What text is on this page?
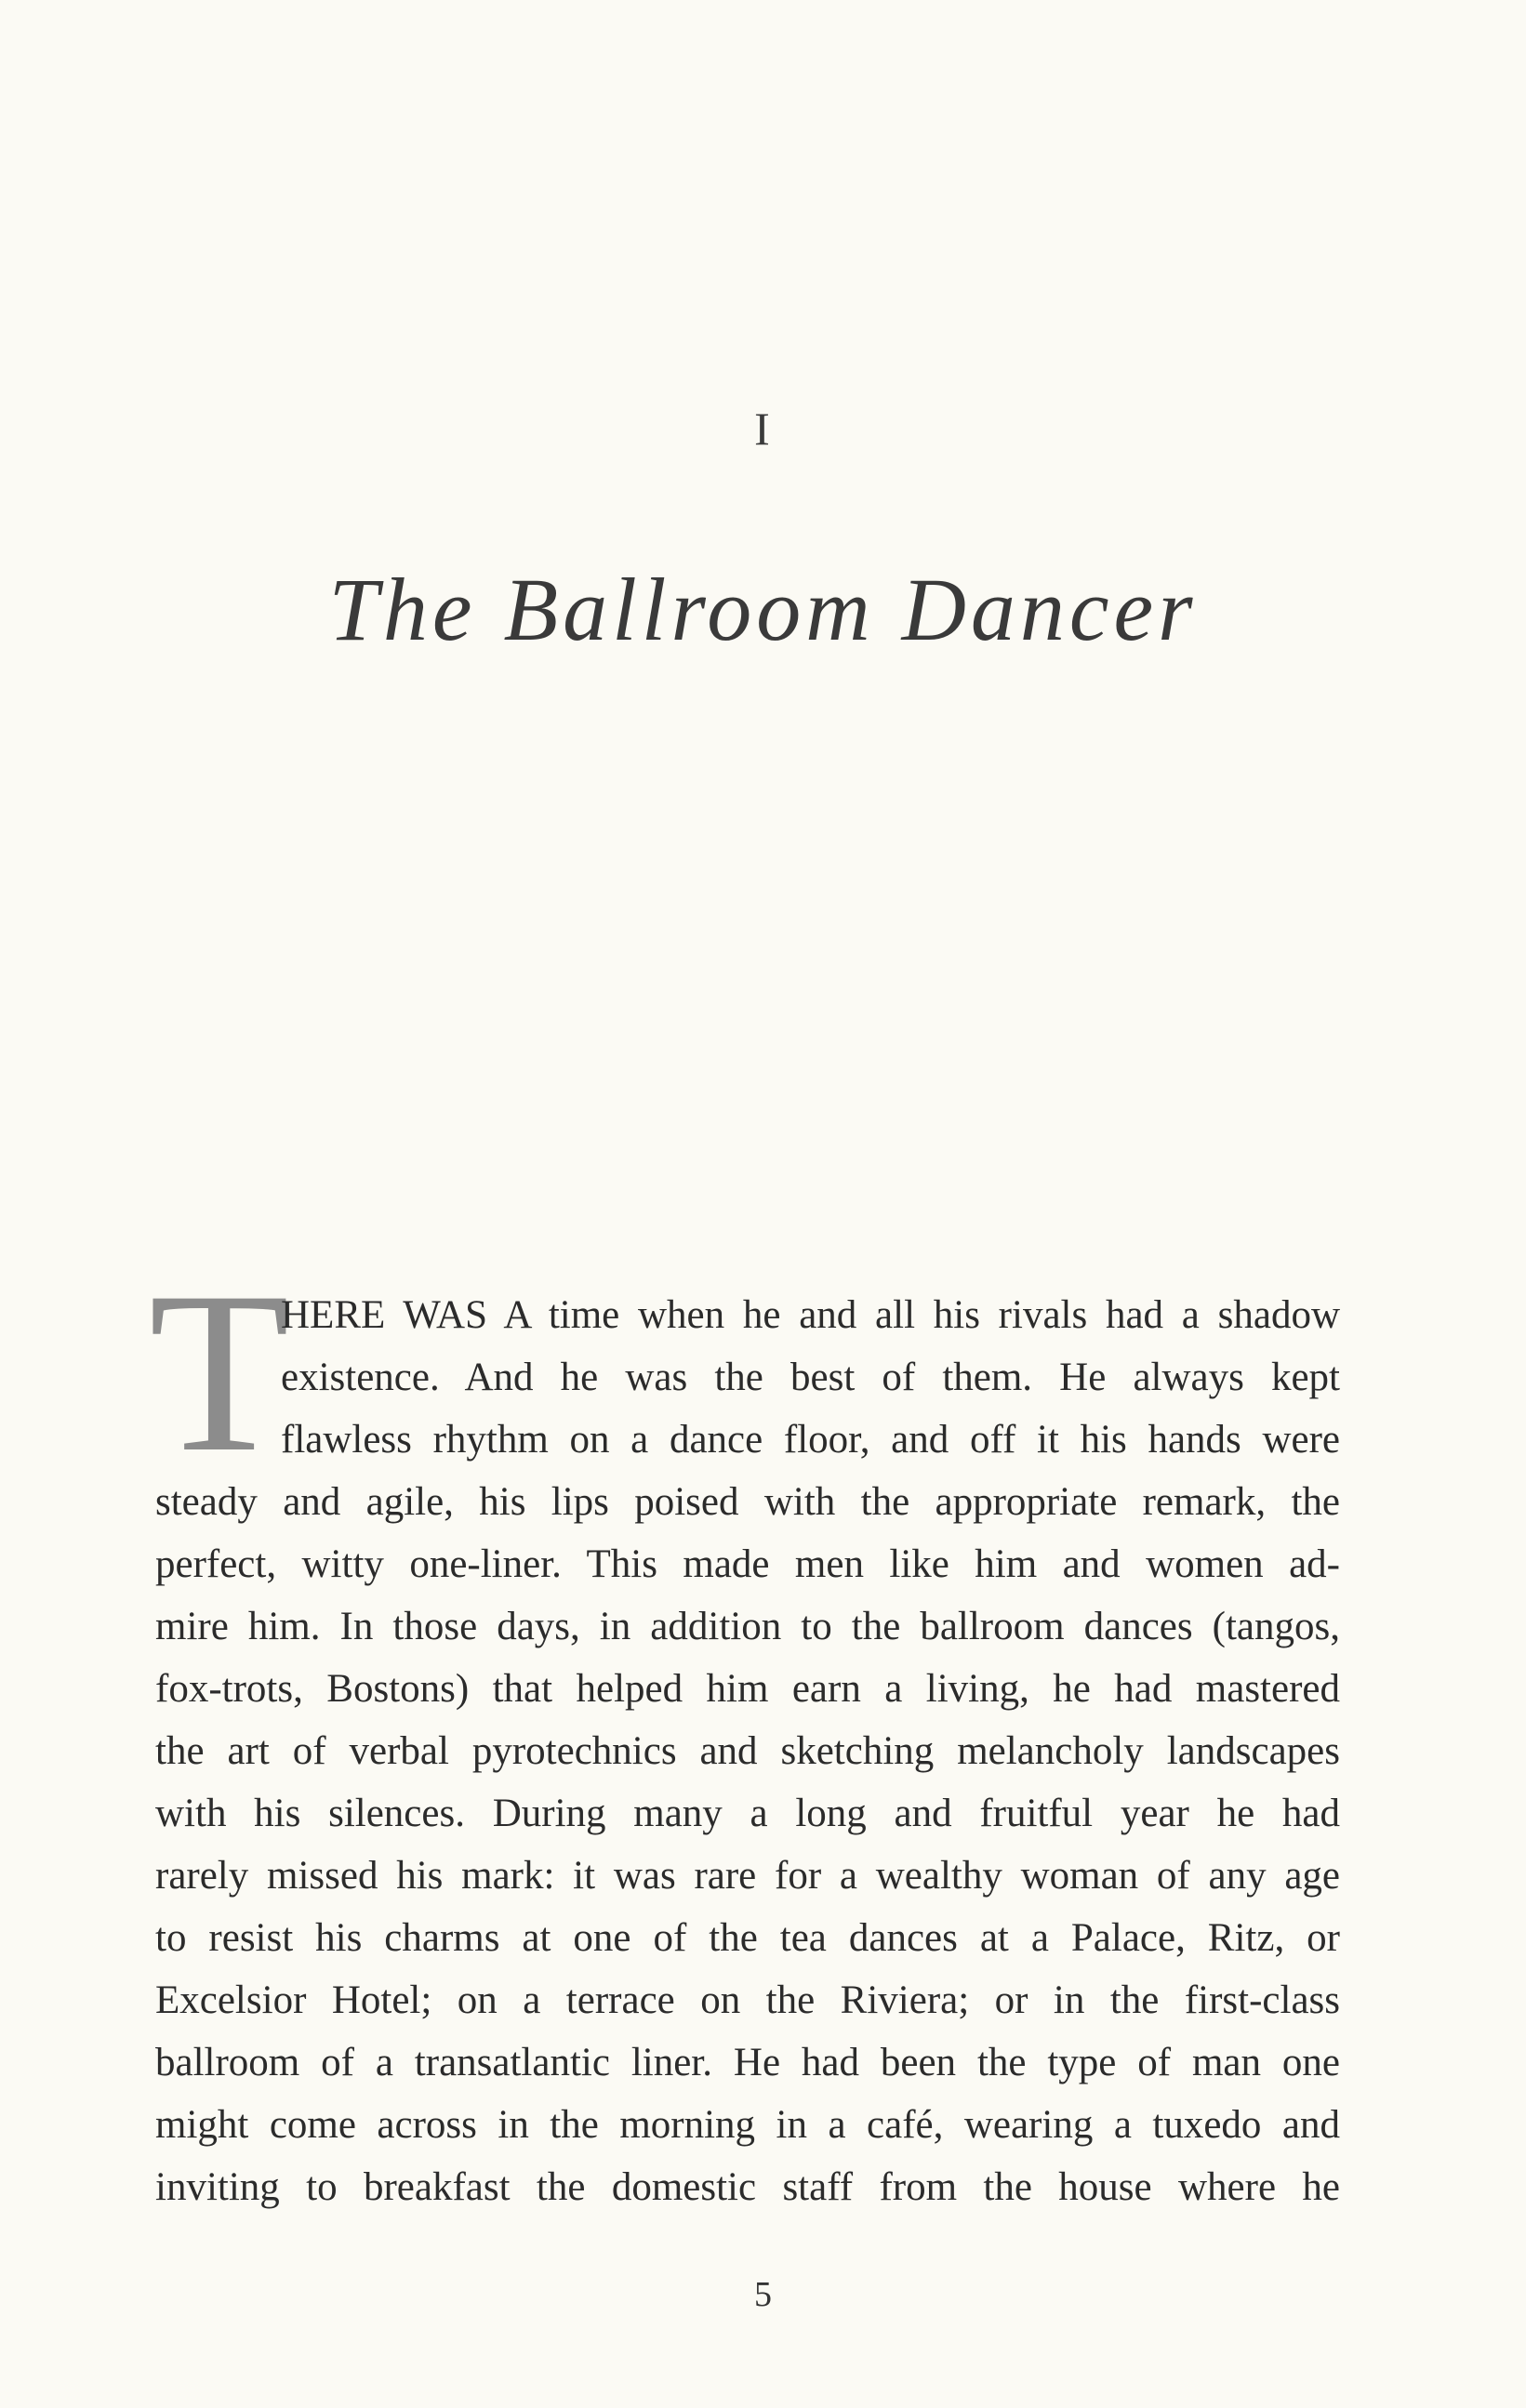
I
The Ballroom Dancer
T
HERE WAS A time when he and all his rivals had a shadow
existence. And he was the best of them. He always kept
flawless rhythm on a dance floor, and off it his hands were
steady and agile, his lips poised with the appropriate remark, the
perfect, witty one-liner. This made men like him and women ad-
mire him. In those days, in addition to the ballroom dances (tangos,
fox-trots, Bostons) that helped him earn a living, he had mastered
the art of verbal pyrotechnics and sketching melancholy landscapes
with his silences. During many a long and fruitful year he had
rarely missed his mark: it was rare for a wealthy woman of any age
to resist his charms at one of the tea dances at a Palace, Ritz, or
Excelsior Hotel; on a terrace on the Riviera; or in the first-class
ballroom of a transatlantic liner. He had been the type of man one
might come across in the morning in a café, wearing a tuxedo and
inviting to breakfast the domestic staff from the house where he
5
